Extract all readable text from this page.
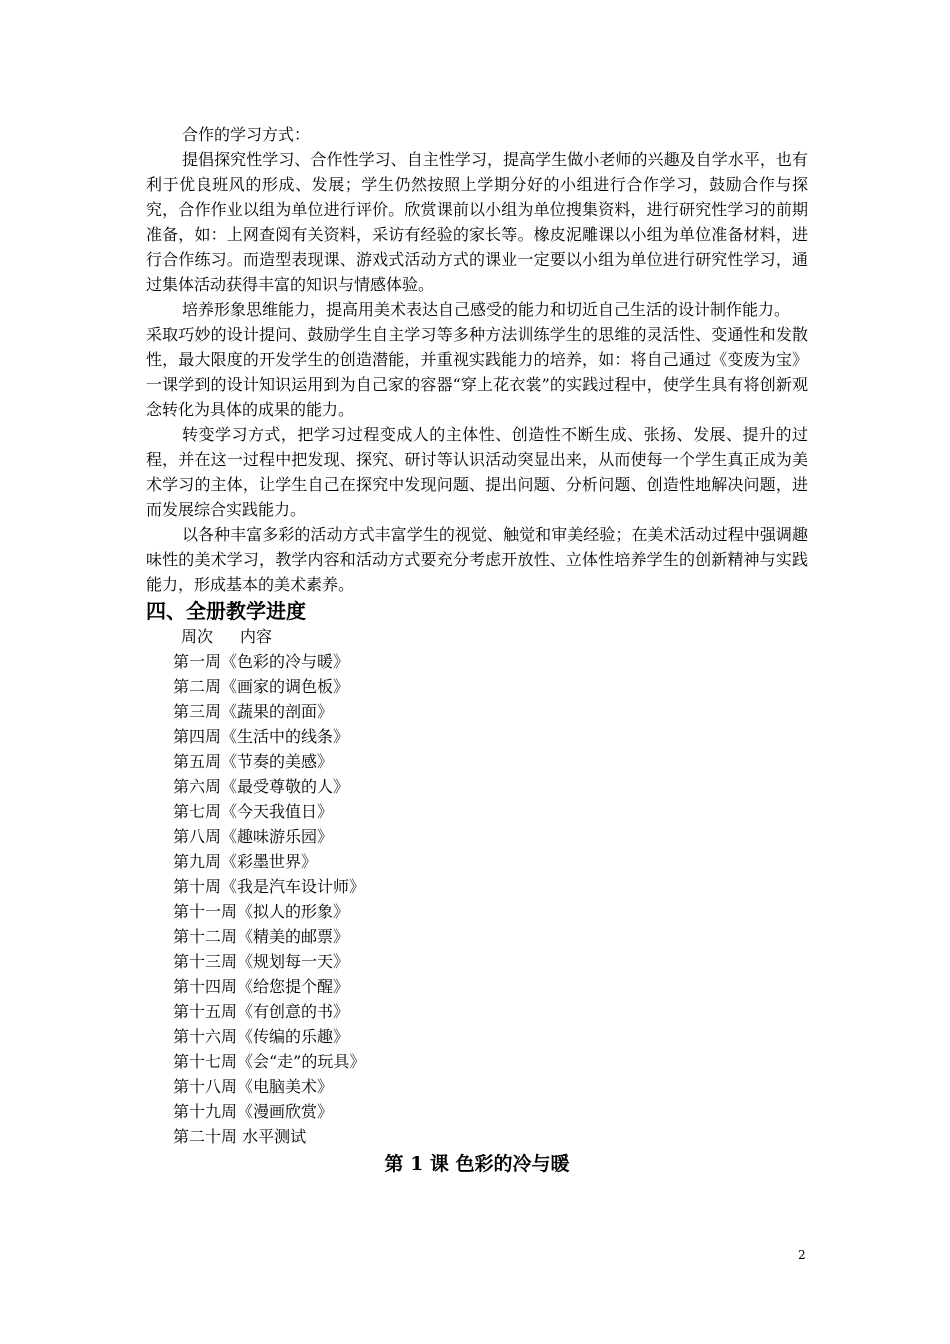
合作的学习方式：

提倡探究性学习、合作性学习、自主性学习，提高学生做小老师的兴趣及自学水平，也有利于优良班风的形成、发展；学生仍然按照上学期分好的小组进行合作学习，鼓励合作与探究，合作作业以组为单位进行评价。欣赏课前以小组为单位搜集资料，进行研究性学习的前期准备，如：上网查阅有关资料，采访有经验的家长等。橡皮泥雕课以小组为单位准备材料，进行合作练习。而造型表现课、游戏式活动方式的课业一定要以小组为单位进行研究性学习，通过集体活动获得丰富的知识与情感体验。

培养形象思维能力，提高用美术表达自己感受的能力和切近自己生活的设计制作能力。

采取巧妙的设计提问、鼓励学生自主学习等多种方法训练学生的思维的灵活性、变通性和发散性，最大限度的开发学生的创造潜能，并重视实践能力的培养，如：将自己通过《变废为宝》一课学到的设计知识运用到为自己家的容器“穿上花衣裳”的实践过程中，使学生具有将创新观念转化为具体的成果的能力。

转变学习方式，把学习过程变成人的主体性、创造性不断生成、张扬、发展、提升的过程，并在这一过程中把发现、探究、研讨等认识活动突显出来，从而使每一个学生真正成为美术学习的主体，让学生自己在探究中发现问题、提出问题、分析问题、创造性地解决问题，进而发展综合实践能力。

以各种丰富多彩的活动方式丰富学生的视觉、触觉和审美经验；在美术活动过程中强调趣味性的美术学习，教学内容和活动方式要充分考虑开放性、立体性培养学生的创新精神与实践能力，形成基本的美术素养。

四、全册教学进度
周次 内容
第一周《色彩的冷与暖》
第二周《画家的调色板》
第三周《蔬果的剖面》
第四周《生活中的线条》
第五周《节奏的美感》
第六周《最受尊敬的人》
第七周《今天我值日》
第八周《趣味游乐园》
第九周《彩墨世界》
第十周《我是汽车设计师》
第十一周《拟人的形象》
第十二周《精美的邮票》
第十三周《规划每一天》
第十四周《给您提个醒》
第十五周《有创意的书》
第十六周《传编的乐趣》
第十七周《会“走”的玩具》
第十八周《电脑美术》
第十九周《漫画欣赏》
第二十周 水平测试
第 1 课 色彩的冷与暖
2
